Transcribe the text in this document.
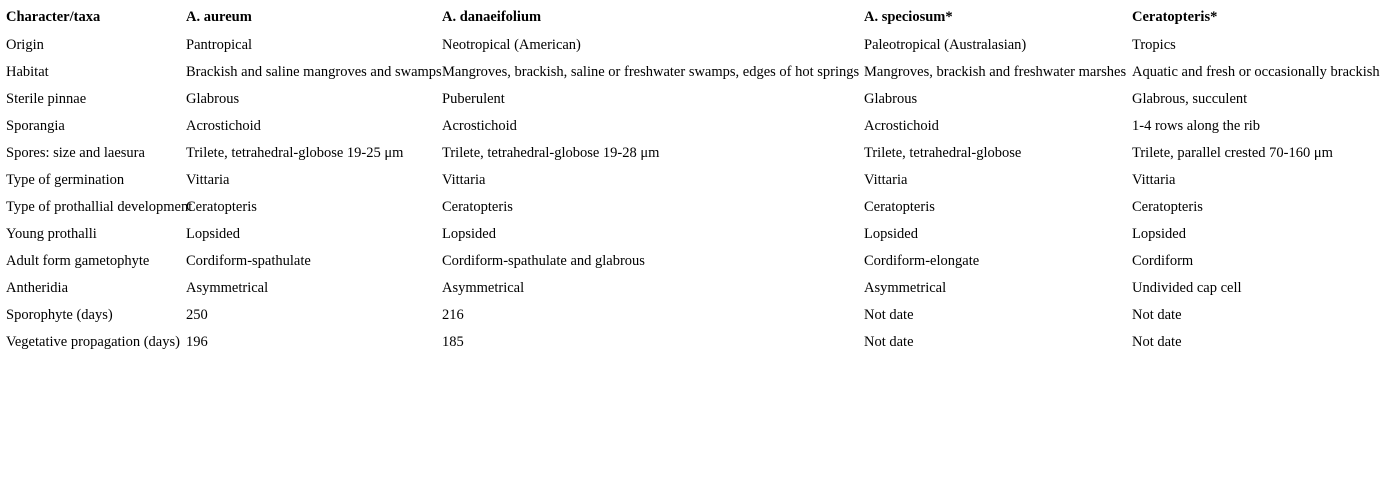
Character/taxa	A. aureum	A. danaeifolium	A. speciosum*	Ceratopteris*
Origin	Pantropical	Neotropical (American)	Paleotropical (Australasian)	Tropics
Habitat	Brackish and saline mangroves and swamps	Mangroves, brackish, saline or freshwater swamps, edges of hot springs	Mangroves, brackish and freshwater marshes	Aquatic and fresh or occasionally brackish
Sterile pinnae	Glabrous	Puberulent	Glabrous	Glabrous, succulent
Sporangia	Acrostichoid	Acrostichoid	Acrostichoid	1-4 rows along the rib
Spores: size and laesura	Trilete, tetrahedral-globose 19-25 μm	Trilete, tetrahedral-globose 19-28 μm	Trilete, tetrahedral-globose	Trilete, parallel crested 70-160 μm
Type of germination	Vittaria	Vittaria	Vittaria	Vittaria
Type of prothallial development	Ceratopteris	Ceratopteris	Ceratopteris	Ceratopteris
Young prothalli	Lopsided	Lopsided	Lopsided	Lopsided
Adult form gametophyte	Cordiform-spathulate	Cordiform-spathulate and glabrous	Cordiform-elongate	Cordiform
Antheridia	Asymmetrical	Asymmetrical	Asymmetrical	Undivided cap cell
Sporophyte (days)	250	216	Not date	Not date
Vegetative propagation (days)	196	185	Not date	Not date
